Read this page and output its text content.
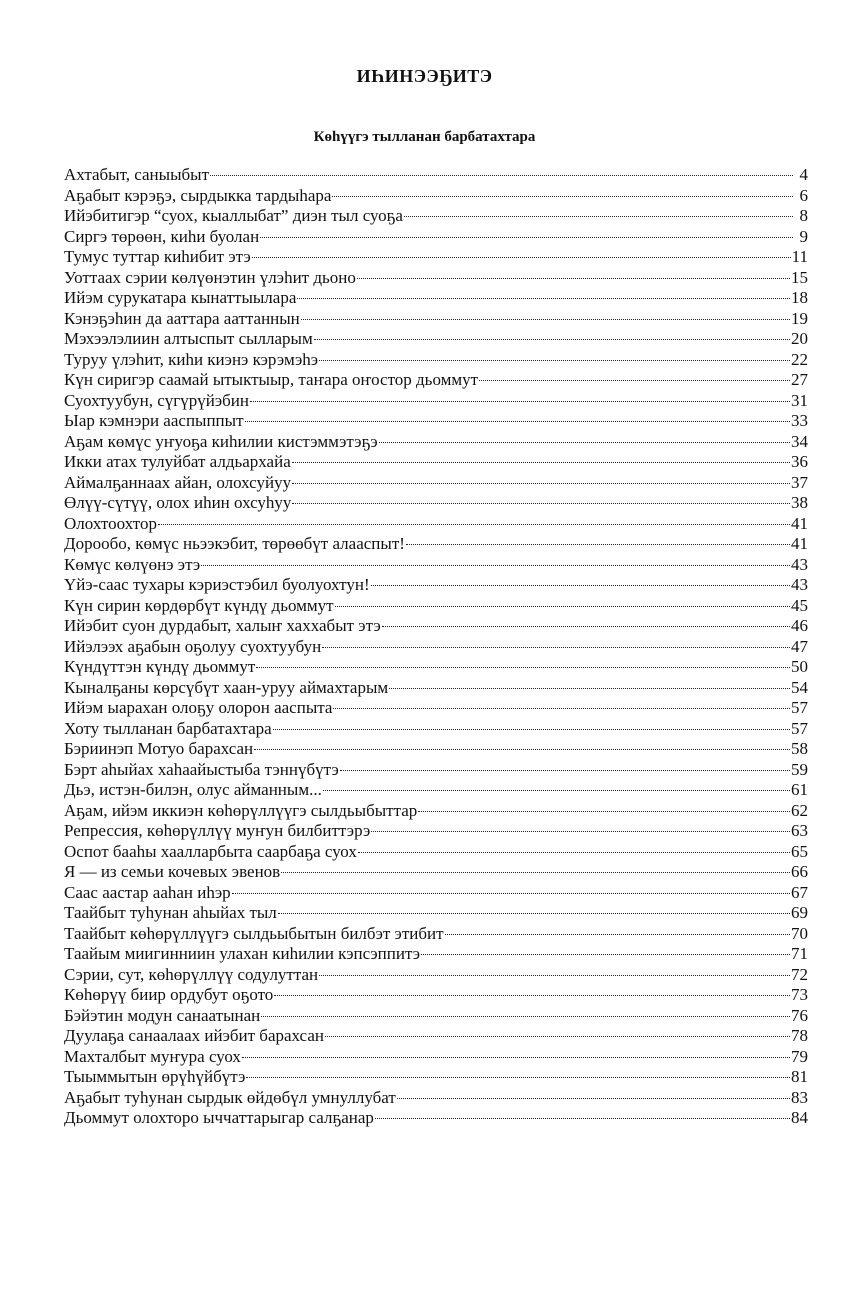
ИҺИНЭЭҔИТЭ
Көһүүгэ тылланан барбатахтара
Ахтабыт, саныыбыт	4
Аҕабыт кэрэҕэ, сырдыкка тардыһара	6
Ийэбитигэр “суох, кыаллыбат” диэн тыл суоҕа	8
Сиргэ төрөөн, киһи буолан	9
Тумус туттар киһибит этэ	11
Уоттаах сэрии көлүөнэтин үлэһит дьоно	15
Ийэм сурукатара кынаттыылара	18
Кэнэҕэһин да ааттара ааттаннын	19
Мэхээлэлиин алтыспыт сылларым	20
Туруу үлэһит, киһи киэнэ кэрэмэһэ	22
Күн сиригэр саамай ытыктыыр, таҥара оҥостор дьоммут	27
Суохтуубун, сүгүрүйэбин	31
Ыар кэмнэри ааспыппыт	33
Аҕам көмүс уҥуоҕа киһилии кистэммэтэҕэ	34
Икки атах тулуйбат алдьархайа	36
Аймалҕаннаах айан, олохсуйуу	37
Өлүү-сүтүү, олох иһин охсуһуу	38
Олохтоохтор	41
Дорообо, көмүс ньээкэбит, төрөөбүт алааспыт!	41
Көмүс көлүөнэ этэ	43
Үйэ-саас тухары кэриэстэбил буолуохтун!	43
Күн сирин көрдөрбүт күндү дьоммут	45
Ийэбит суон дурдабыт, халыҥ хаххабыт этэ	46
Ийэлээх аҕабын оҕолуу суохтуубун	47
Күндүттэн күндү дьоммут	50
Кыналҕаны көрсүбүт хаан-уруу аймахтарым	54
Ийэм ыарахан олоҕу олорон ааспыта	57
Хоту тылланан барбатахтара	57
Бэриинэп Мотуо барахсан	58
Бэрт аһыйах хаһаайыстыба тэннүбүтэ	59
Дьэ, истэн-билэн, олус айманным...	61
Аҕам, ийэм иккиэн көһөрүллүүгэ сылдьыбыттар	62
Репрессия, көһөрүллүү муҥун билбиттэрэ	63
Оспот бааһы хаалларбыта саарбаҕа суох	65
Я — из семьи кочевых эвенов	66
Саас аастар ааһан иһэр	67
Таайбыт туһунан аһыйах тыл	69
Таайбыт көһөрүллүүгэ сылдьыбытын билбэт этибит	70
Таайым миигинниин улахан киһилии кэпсэппитэ	71
Сэрии, сут, көһөрүллүү содулуттан	72
Көһөрүү биир ордубут оҕото	73
Бэйэтин модун санаатынан	76
Дуулаҕа санаалаах ийэбит барахсан	78
Махталбыт муҥура суох	79
Тыыммытын өрүһүйбүтэ	81
Аҕабыт туһунан сырдык өйдөбүл умнуллубат	83
Дьоммут олохторо ыччаттарыгар салҕанар	84
